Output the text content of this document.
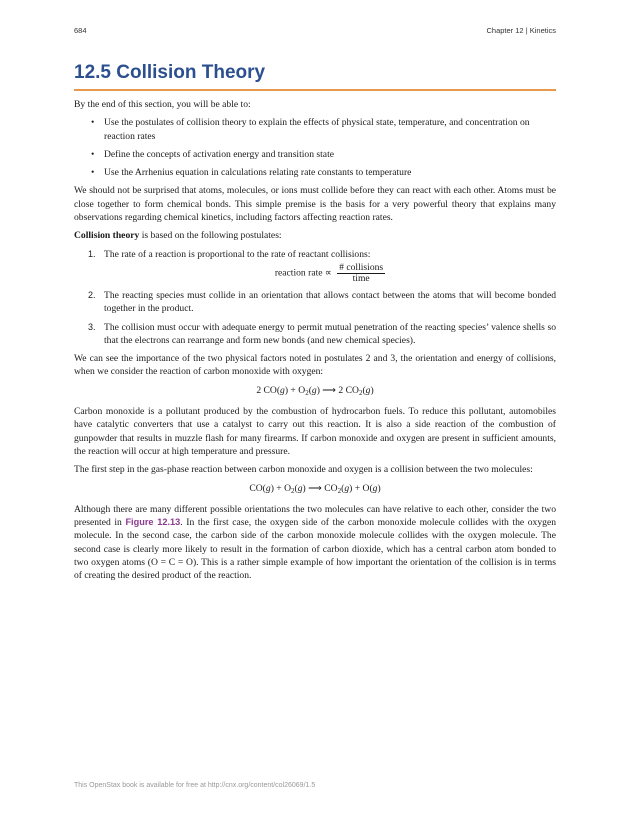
684	Chapter 12 | Kinetics
12.5 Collision Theory

By the end of this section, you will be able to:

• Use the postulates of collision theory to explain the effects of physical state, temperature, and concentration on reaction rates
• Define the concepts of activation energy and transition state
• Use the Arrhenius equation in calculations relating rate constants to temperature

We should not be surprised that atoms, molecules, or ions must collide before they can react with each other. Atoms must be close together to form chemical bonds. This simple premise is the basis for a very powerful theory that explains many observations regarding chemical kinetics, including factors affecting reaction rates.

Collision theory is based on the following postulates:

1. The rate of a reaction is proportional to the rate of reactant collisions:
reaction rate ∝ $\frac{\text{\# collisions}}{\text{time}}$
2. The reacting species must collide in an orientation that allows contact between the atoms that will become bonded together in the product.
3. The collision must occur with adequate energy to permit mutual penetration of the reacting species’ valence shells so that the electrons can rearrange and form new bonds (and new chemical species).

We can see the importance of the two physical factors noted in postulates 2 and 3, the orientation and energy of collisions, when we consider the reaction of carbon monoxide with oxygen:

2 $CO(g) + O_2(g)$ ⟶ 2 $CO_2(g)$

Carbon monoxide is a pollutant produced by the combustion of hydrocarbon fuels. To reduce this pollutant, automobiles have catalytic converters that use a catalyst to carry out this reaction. It is also a side reaction of the combustion of gunpowder that results in muzzle flash for many firearms. If carbon monoxide and oxygen are present in sufficient amounts, the reaction will occur at high temperature and pressure.

The first step in the gas-phase reaction between carbon monoxide and oxygen is a collision between the two molecules:

$CO(g) + O_2(g)$ ⟶ $CO_2(g) + O(g)$

Although there are many different possible orientations the two molecules can have relative to each other, consider the two presented in Figure 12.13. In the first case, the oxygen side of the carbon monoxide molecule collides with the oxygen molecule. In the second case, the carbon side of the carbon monoxide molecule collides with the oxygen molecule. The second case is clearly more likely to result in the formation of carbon dioxide, which has a central carbon atom bonded to two oxygen atoms (O = C = O). This is a rather simple example of how important the orientation of the collision is in terms of creating the desired product of the reaction.

This OpenStax book is available for free at http://cnx.org/content/col26069/1.5
